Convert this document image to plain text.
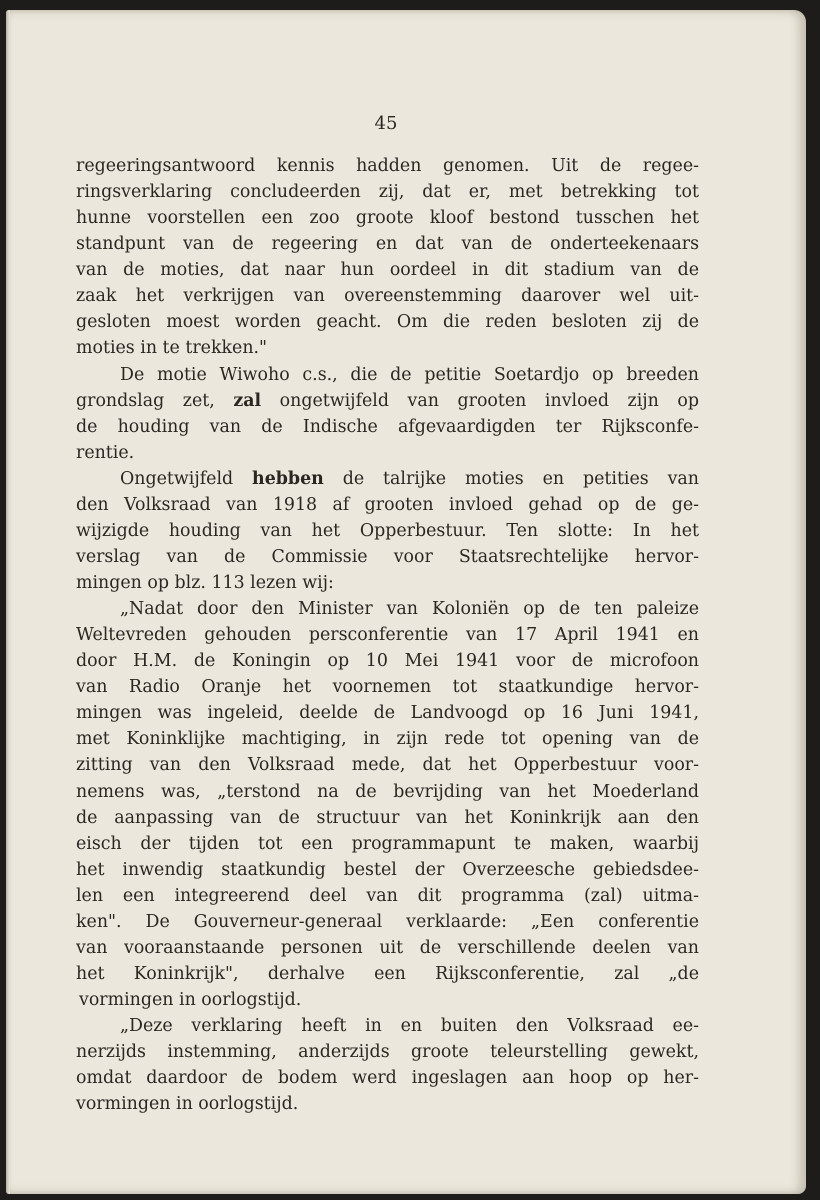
45
regeeringsantwoord kennis hadden genomen. Uit de regee-
ringsverklaring concludeerden zij, dat er, met betrekking tot
hunne voorstellen een zoo groote kloof bestond tusschen het
standpunt van de regeering en dat van de onderteekenaars
van de moties, dat naar hun oordeel in dit stadium van de
zaak het verkrijgen van overeenstemming daarover wel uit-
gesloten moest worden geacht. Om die reden besloten zij de
moties in te trekken."
De motie Wiwoho c.s., die de petitie Soetardjo op breeden
grondslag zet, zal ongetwijfeld van grooten invloed zijn op
de houding van de Indische afgevaardigden ter Rijksconfe-
rentie.
Ongetwijfeld hebben de talrijke moties en petities van
den Volksraad van 1918 af grooten invloed gehad op de ge-
wijzigde houding van het Opperbestuur. Ten slotte: In het
verslag van de Commissie voor Staatsrechtelijke hervor-
mingen op blz. 113 lezen wij:
„Nadat door den Minister van Koloniën op de ten paleize
Weltevreden gehouden persconferentie van 17 April 1941 en
door H.M. de Koningin op 10 Mei 1941 voor de microfoon
van Radio Oranje het voornemen tot staatkundige hervor-
mingen was ingeleid, deelde de Landvoogd op 16 Juni 1941,
met Koninklijke machtiging, in zijn rede tot opening van de
zitting van den Volksraad mede, dat het Opperbestuur voor-
nemens was, „terstond na de bevrijding van het Moederland
de aanpassing van de structuur van het Koninkrijk aan den
eisch der tijden tot een programmapunt te maken, waarbij
het inwendig staatkundig bestel der Overzeesche gebiedsdee-
len een integreerend deel van dit programma (zal) uitma-
ken". De Gouverneur-generaal verklaarde: „Een conferentie
van vooraanstaande personen uit de verschillende deelen van
het Koninkrijk", derhalve een Rijksconferentie, zal „de
vormingen in oorlogstijd.
„Deze verklaring heeft in en buiten den Volksraad ee-
nerzijds instemming, anderzijds groote teleurstelling gewekt,
omdat daardoor de bodem werd ingeslagen aan hoop op her-
vormingen in oorlogstijd.
